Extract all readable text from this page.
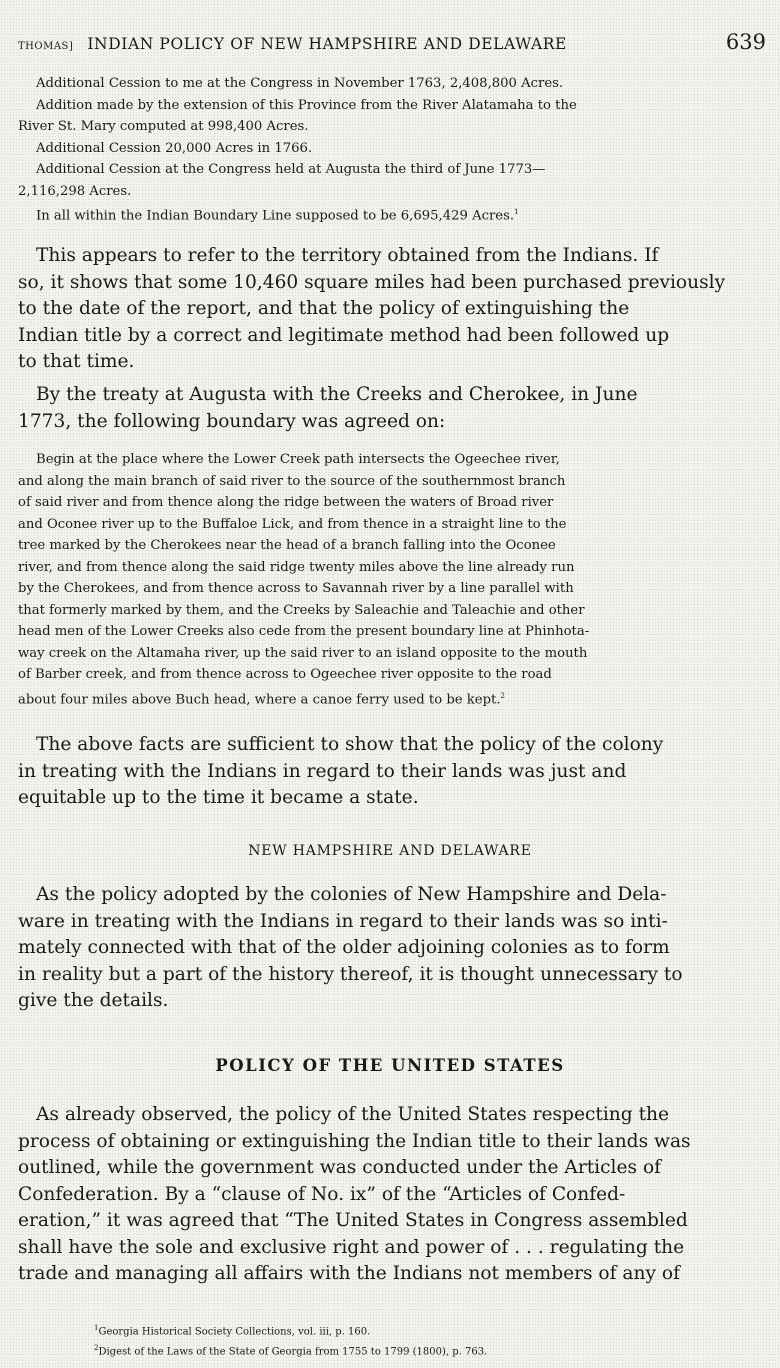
THOMAS] INDIAN POLICY OF NEW HAMPSHIRE AND DELAWARE	639
Additional Cession to me at the Congress in November 1763, 2,408,800 Acres.
Addition made by the extension of this Province from the River Alatamaha to the
River St. Mary computed at 998,400 Acres.
Additional Cession 20,000 Acres in 1766.
Additional Cession at the Congress held at Augusta the third of June 1773—
2,116,298 Acres.
In all within the Indian Boundary Line supposed to be 6,695,429 Acres.$^1$
This appears to refer to the territory obtained from the Indians. If
so, it shows that some 10,460 square miles had been purchased previously
to the date of the report, and that the policy of extinguishing the
Indian title by a correct and legitimate method had been followed up
to that time.
By the treaty at Augusta with the Creeks and Cherokee, in June
1773, the following boundary was agreed on:
Begin at the place where the Lower Creek path intersects the Ogeechee river,
and along the main branch of said river to the source of the southernmost branch
of said river and from thence along the ridge between the waters of Broad river
and Oconee river up to the Buffaloe Lick, and from thence in a straight line to the
tree marked by the Cherokees near the head of a branch falling into the Oconee
river, and from thence along the said ridge twenty miles above the line already run
by the Cherokees, and from thence across to Savannah river by a line parallel with
that formerly marked by them, and the Creeks by Saleachie and Taleachie and other
head men of the Lower Creeks also cede from the present boundary line at Phinhota-
way creek on the Altamaha river, up the said river to an island opposite to the mouth
of Barber creek, and from thence across to Ogeechee river opposite to the road
about four miles above Buch head, where a canoe ferry used to be kept.$^2$
The above facts are sufficient to show that the policy of the colony
in treating with the Indians in regard to their lands was just and
equitable up to the time it became a state.
NEW HAMPSHIRE AND DELAWARE
As the policy adopted by the colonies of New Hampshire and Dela-
ware in treating with the Indians in regard to their lands was so inti-
mately connected with that of the older adjoining colonies as to form
in reality but a part of the history thereof, it is thought unnecessary to
give the details.
POLICY OF THE UNITED STATES
As already observed, the policy of the United States respecting the
process of obtaining or extinguishing the Indian title to their lands was
outlined, while the government was conducted under the Articles of
Confederation. By a “clause of No. ix” of the “Articles of Confed-
eration,” it was agreed that “The United States in Congress assembled
shall have the sole and exclusive right and power of . . . regulating the
trade and managing all affairs with the Indians not members of any of
$^1$Georgia Historical Society Collections, vol. iii, p. 160.
$^2$Digest of the Laws of the State of Georgia from 1755 to 1799 (1800), p. 763.
